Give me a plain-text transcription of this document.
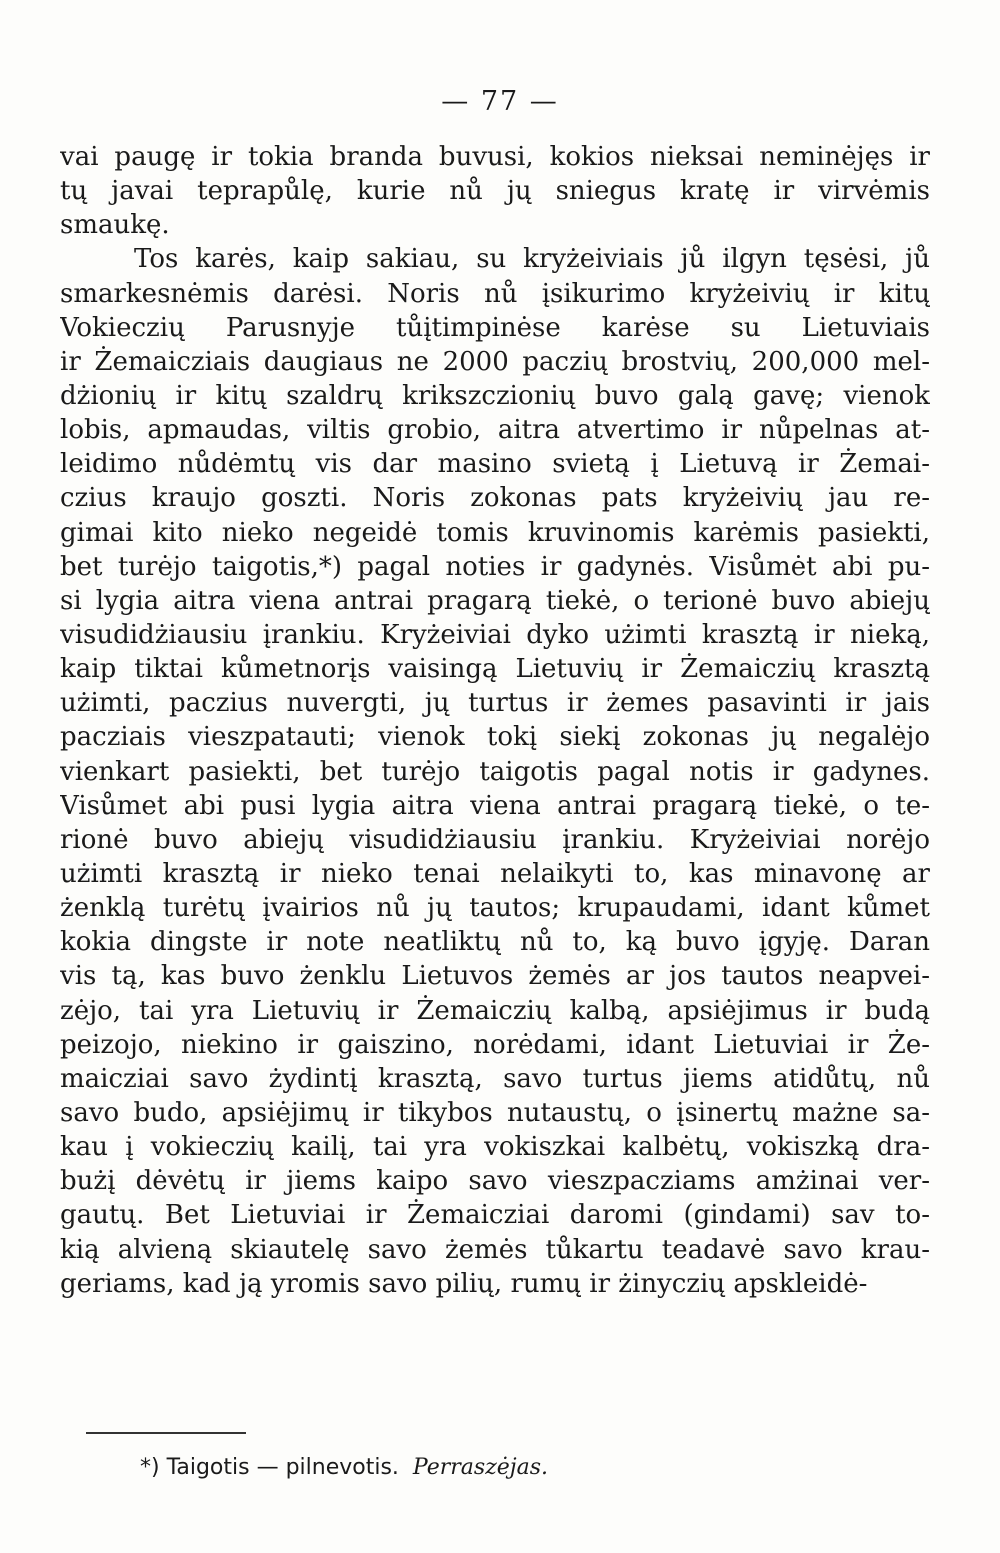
— 77 —
vai paugę ir tokia branda buvusi, kokios nieksai neminėjęs ir
tų javai teprapůlę, kurie nů jų sniegus kratę ir virvėmis
smaukę.
Tos karės, kaip sakiau, su kryżeiviais jů ilgyn tęsėsi, jů
smarkesnėmis darėsi. Noris nů įsikurimo kryżeivių ir kitų
Vokieczių Parusnyje tůįtimpinėse karėse su Lietuviais
ir Żemaicziais daugiaus ne 2000 paczių brostvių, 200,000 mel-
dżionių ir kitų szaldrų krikszczionių buvo galą gavę; vienok
lobis, apmaudas, viltis grobio, aitra atvertimo ir nůpelnas at-
leidimo nůdėmtų vis dar masino svietą į Lietuvą ir Żemai-
czius kraujo goszti. Noris zokonas pats kryżeivių jau re-
gimai kito nieko negeidė tomis kruvinomis karėmis pasiekti,
bet turėjo taigotis,*) pagal noties ir gadynės. Visůmėt abi pu-
si lygia aitra viena antrai pragarą tiekė, o terionė buvo abiejų
visudidżiausiu įrankiu. Kryżeiviai dyko użimti krasztą ir nieką,
kaip tiktai kůmetnorįs vaisingą Lietuvių ir Żemaiczių krasztą
użimti, paczius nuvergti, jų turtus ir żemes pasavinti ir jais
pacziais vieszpatauti; vienok tokį siekį zokonas jų negalėjo
vienkart pasiekti, bet turėjo taigotis pagal notis ir gadynes.
Visůmet abi pusi lygia aitra viena antrai pragarą tiekė, o te-
rionė buvo abiejų visudidżiausiu įrankiu. Kryżeiviai norėjo
użimti krasztą ir nieko tenai nelaikyti to, kas minavonę ar
żenklą turėtų įvairios nů jų tautos; krupaudami, idant kůmet
kokia dingste ir note neatliktų nů to, ką buvo įgyję. Daran
vis tą, kas buvo żenklu Lietuvos żemės ar jos tautos neapvei-
zėjo, tai yra Lietuvių ir Żemaiczių kalbą, apsiėjimus ir budą
peizojo, niekino ir gaiszino, norėdami, idant Lietuviai ir Że-
maicziai savo żydintį krasztą, savo turtus jiems atidůtų, nů
savo budo, apsiėjimų ir tikybos nutaustų, o įsinertų mażne sa-
kau į vokieczių kailį, tai yra vokiszkai kalbėtų, vokiszką dra-
bużį dėvėtų ir jiems kaipo savo vieszpacziams amżinai ver-
gautų. Bet Lietuviai ir Żemaicziai daromi (gindami) sav to-
kią alvieną skiautelę savo żemės tůkartu teadavė savo krau-
geriams, kad ją yromis savo pilių, rumų ir żinyczių apskleidė-
*) Taigotis — pilnevotis. Perraszėjas.
